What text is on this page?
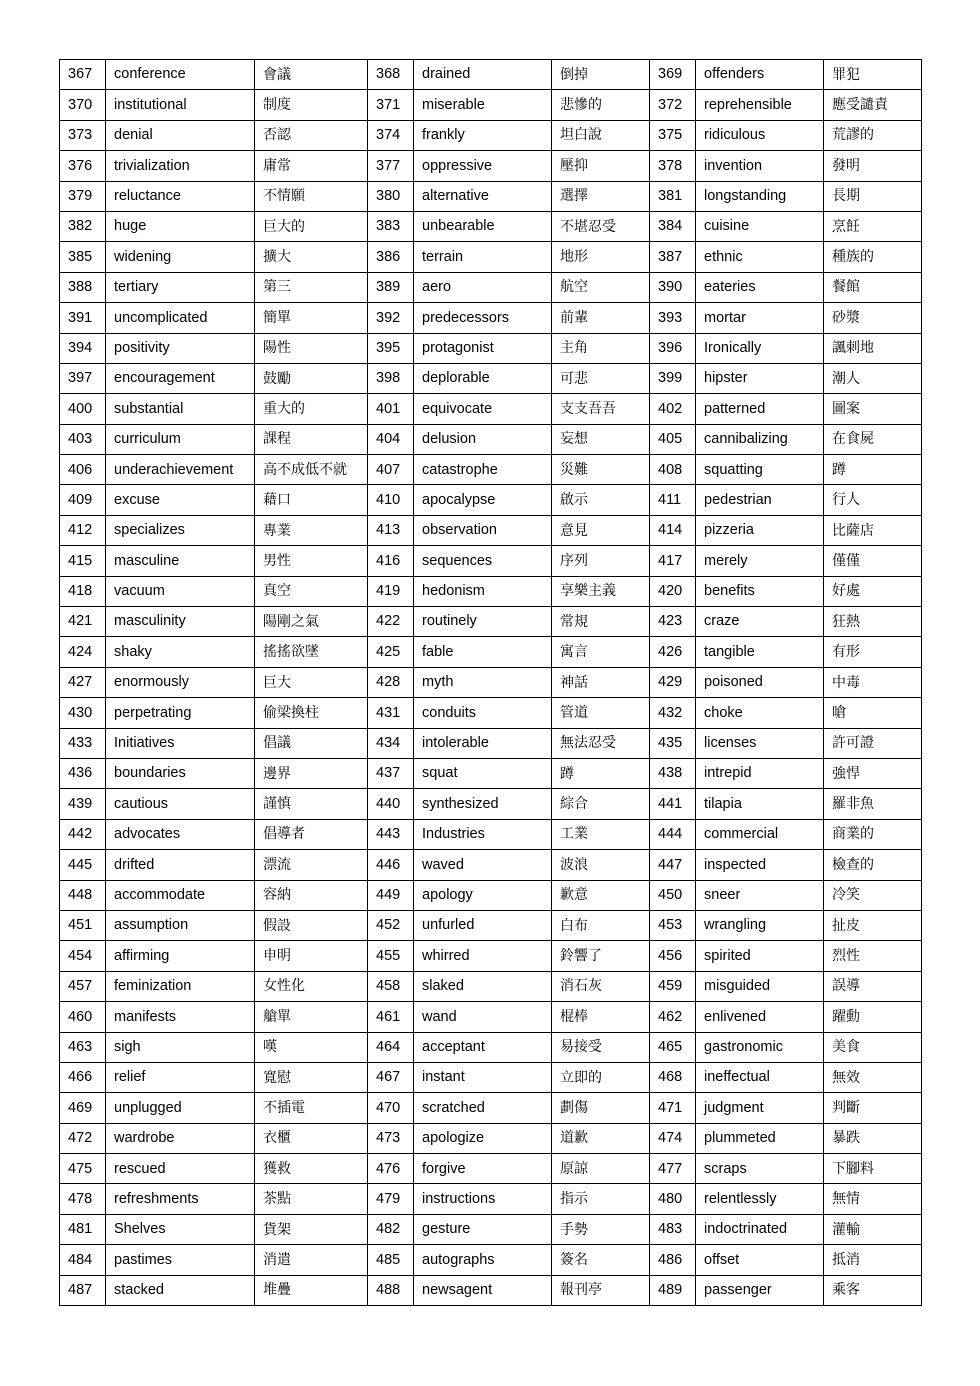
367	conference	會議	368	drained	倒掉	369	offenders	罪犯
370	institutional	制度	371	miserable	悲慘的	372	reprehensible	應受譴責
373	denial	否認	374	frankly	坦白說	375	ridiculous	荒謬的
376	trivialization	庸常	377	oppressive	壓抑	378	invention	發明
379	reluctance	不情願	380	alternative	選擇	381	longstanding	長期
382	huge	巨大的	383	unbearable	不堪忍受	384	cuisine	烹飪
385	widening	擴大	386	terrain	地形	387	ethnic	種族的
388	tertiary	第三	389	aero	航空	390	eateries	餐館
391	uncomplicated	簡單	392	predecessors	前輩	393	mortar	砂漿
394	positivity	陽性	395	protagonist	主角	396	Ironically	諷刺地
397	encouragement	鼓勵	398	deplorable	可悲	399	hipster	潮人
400	substantial	重大的	401	equivocate	支支吾吾	402	patterned	圖案
403	curriculum	課程	404	delusion	妄想	405	cannibalizing	在食屍
406	underachievement	高不成低不就	407	catastrophe	災難	408	squatting	蹲
409	excuse	藉口	410	apocalypse	啟示	411	pedestrian	行人
412	specializes	專業	413	observation	意見	414	pizzeria	比薩店
415	masculine	男性	416	sequences	序列	417	merely	僅僅
418	vacuum	真空	419	hedonism	享樂主義	420	benefits	好處
421	masculinity	陽剛之氣	422	routinely	常規	423	craze	狂熱
424	shaky	搖搖欲墜	425	fable	寓言	426	tangible	有形
427	enormously	巨大	428	myth	神話	429	poisoned	中毒
430	perpetrating	偷梁換柱	431	conduits	管道	432	choke	嗆
433	Initiatives	倡議	434	intolerable	無法忍受	435	licenses	許可證
436	boundaries	邊界	437	squat	蹲	438	intrepid	強悍
439	cautious	謹慎	440	synthesized	綜合	441	tilapia	羅非魚
442	advocates	倡導者	443	Industries	工業	444	commercial	商業的
445	drifted	漂流	446	waved	波浪	447	inspected	檢查的
448	accommodate	容納	449	apology	歉意	450	sneer	冷笑
451	assumption	假設	452	unfurled	白布	453	wrangling	扯皮
454	affirming	申明	455	whirred	鈴響了	456	spirited	烈性
457	feminization	女性化	458	slaked	消石灰	459	misguided	誤導
460	manifests	艙單	461	wand	棍棒	462	enlivened	躍動
463	sigh	嘆	464	acceptant	易接受	465	gastronomic	美食
466	relief	寬慰	467	instant	立即的	468	ineffectual	無效
469	unplugged	不插電	470	scratched	劃傷	471	judgment	判斷
472	wardrobe	衣櫃	473	apologize	道歉	474	plummeted	暴跌
475	rescued	獲救	476	forgive	原諒	477	scraps	下腳料
478	refreshments	茶點	479	instructions	指示	480	relentlessly	無情
481	Shelves	貨架	482	gesture	手勢	483	indoctrinated	灌輸
484	pastimes	消遣	485	autographs	簽名	486	offset	抵消
487	stacked	堆疊	488	newsagent	報刊亭	489	passenger	乘客
